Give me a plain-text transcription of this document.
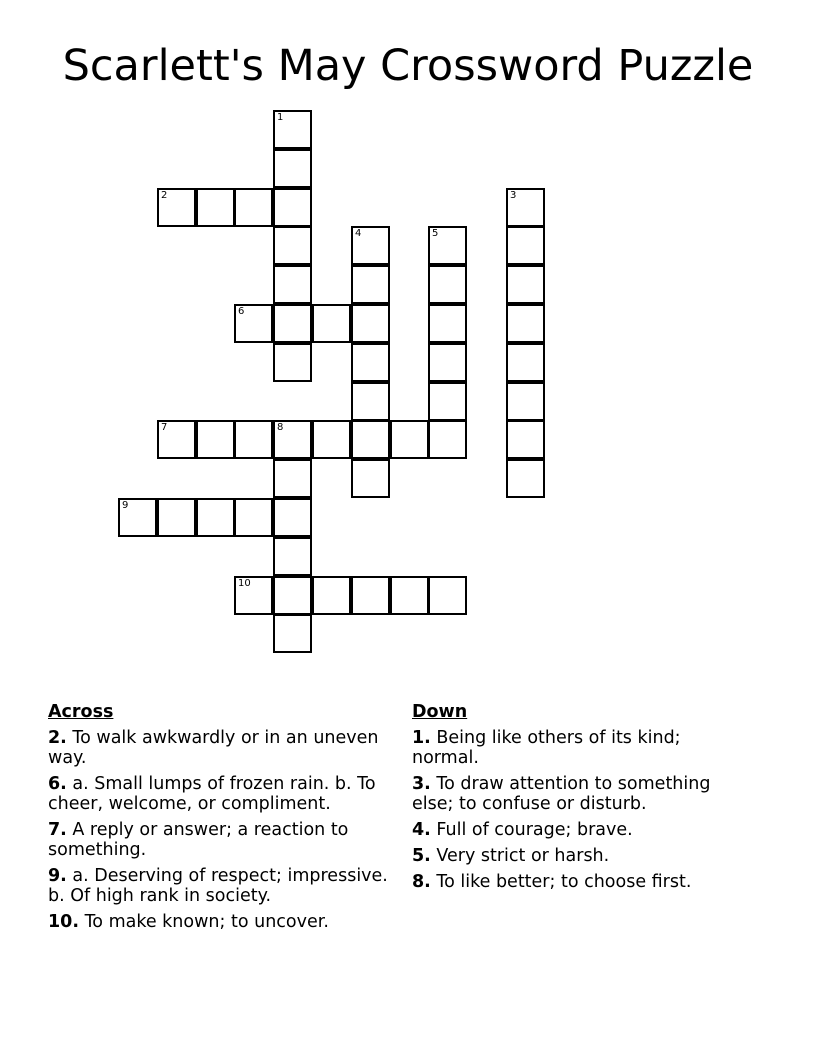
Scarlett's May Crossword Puzzle
1
2	3
4	5
6
7	8
9
10
Across
2. To walk awkwardly or in an uneven way.
6. a. Small lumps of frozen rain. b. To cheer, welcome, or compliment.
7. A reply or answer; a reaction to something.
9. a. Deserving of respect; impressive. b. Of high rank in society.
10. To make known; to uncover.
Down
1. Being like others of its kind; normal.
3. To draw attention to something else; to confuse or disturb.
4. Full of courage; brave.
5. Very strict or harsh.
8. To like better; to choose first.
